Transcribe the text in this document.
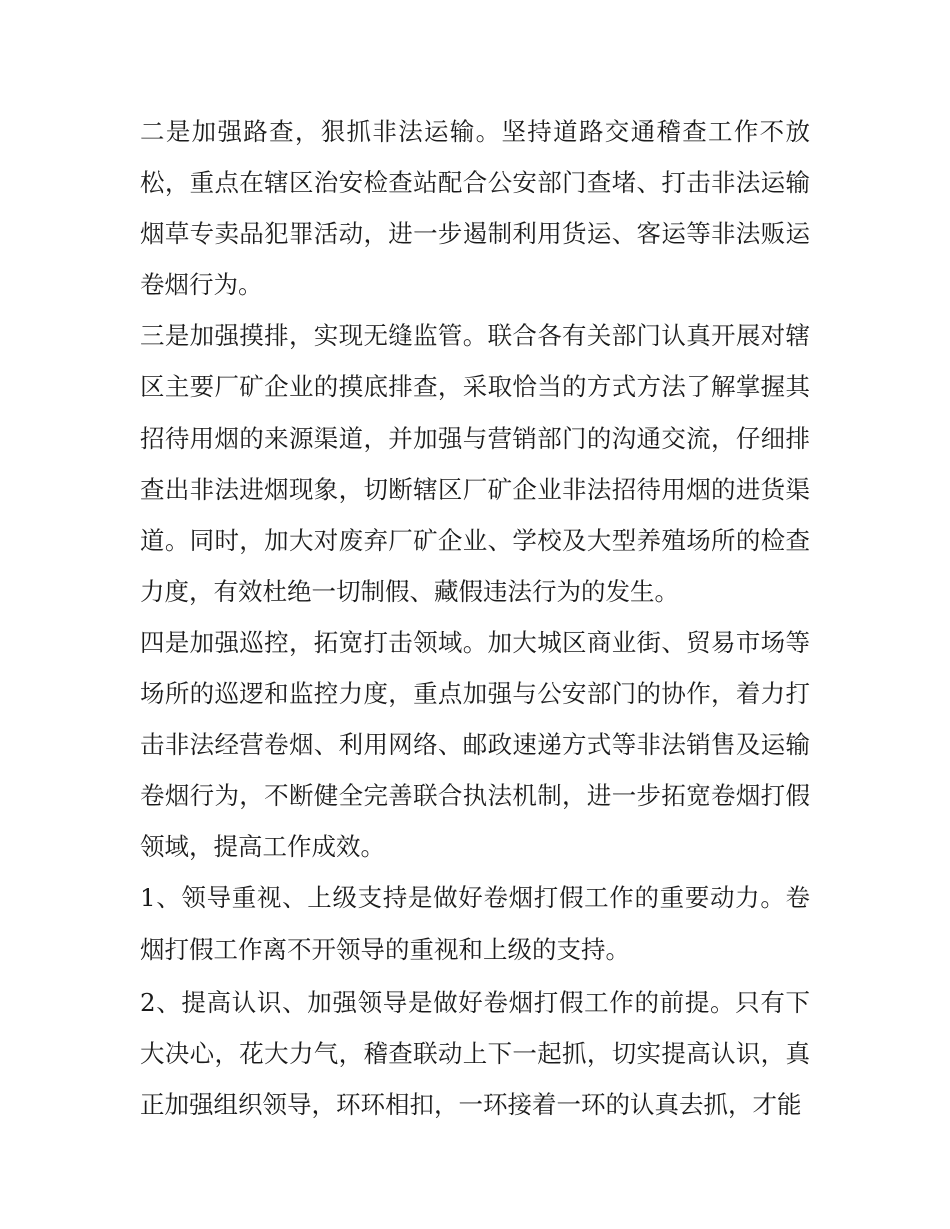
二是加强路查，狠抓非法运输。坚持道路交通稽查工作不放松，重点在辖区治安检查站配合公安部门查堵、打击非法运输烟草专卖品犯罪活动，进一步遏制利用货运、客运等非法贩运卷烟行为。

三是加强摸排，实现无缝监管。联合各有关部门认真开展对辖区主要厂矿企业的摸底排查，采取恰当的方式方法了解掌握其招待用烟的来源渠道，并加强与营销部门的沟通交流，仔细排查出非法进烟现象，切断辖区厂矿企业非法招待用烟的进货渠道。同时，加大对废弃厂矿企业、学校及大型养殖场所的检查力度，有效杜绝一切制假、藏假违法行为的发生。

四是加强巡控，拓宽打击领域。加大城区商业街、贸易市场等场所的巡逻和监控力度，重点加强与公安部门的协作，着力打击非法经营卷烟、利用网络、邮政速递方式等非法销售及运输卷烟行为，不断健全完善联合执法机制，进一步拓宽卷烟打假领域，提高工作成效。

1、领导重视、上级支持是做好卷烟打假工作的重要动力。卷烟打假工作离不开领导的重视和上级的支持。

2、提高认识、加强领导是做好卷烟打假工作的前提。只有下大决心，花大力气，稽查联动上下一起抓，切实提高认识，真正加强组织领导，环环相扣，一环接着一环的认真去抓，才能
